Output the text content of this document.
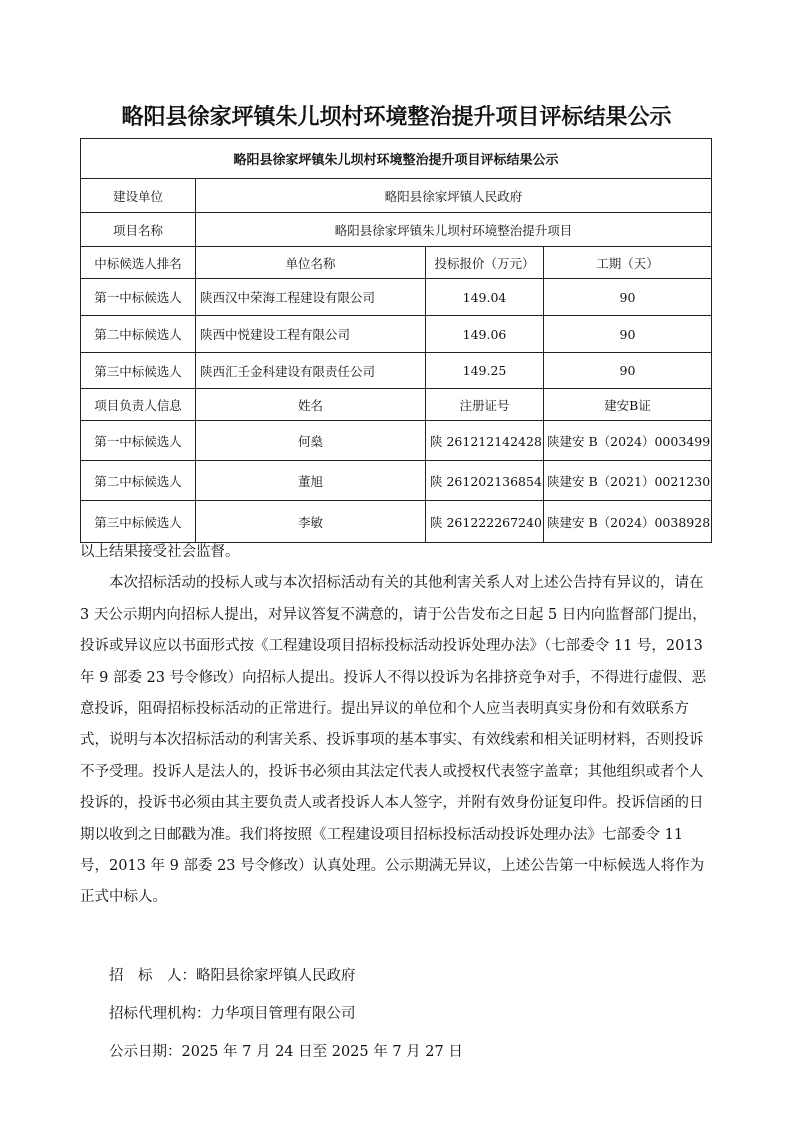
略阳县徐家坪镇朱儿坝村环境整治提升项目评标结果公示
略阳县徐家坪镇朱儿坝村环境整治提升项目评标结果公示			
建设单位	略阳县徐家坪镇人民政府		
项目名称	略阳县徐家坪镇朱儿坝村环境整治提升项目		
中标候选人排名	单位名称	投标报价（万元）	工期（天）
第一中标候选人	陕西汉中荣海工程建设有限公司	149.04	90
第二中标候选人	陕西中悦建设工程有限公司	149.06	90
第三中标候选人	陕西汇壬金科建设有限责任公司	149.25	90
项目负责人信息	姓名	注册证号	建安B证
第一中标候选人	何燊	陕 261212142428	陕建安 B（2024）0003499
第二中标候选人	董旭	陕 261202136854	陕建安 B（2021）0021230
第三中标候选人	李敏	陕 261222267240	陕建安 B（2024）0038928

以上结果接受社会监督。

本次招标活动的投标人或与本次招标活动有关的其他利害关系人对上述公告持有异议的，请在 3 天公示期内向招标人提出，对异议答复不满意的，请于公告发布之日起 5 日内向监督部门提出，投诉或异议应以书面形式按《工程建设项目招标投标活动投诉处理办法》（七部委令 11 号，2013 年 9 部委 23 号令修改）向招标人提出。投诉人不得以投诉为名排挤竞争对手，不得进行虚假、恶意投诉，阻碍招标投标活动的正常进行。提出异议的单位和个人应当表明真实身份和有效联系方式，说明与本次招标活动的利害关系、投诉事项的基本事实、有效线索和相关证明材料，否则投诉不予受理。投诉人是法人的，投诉书必须由其法定代表人或授权代表签字盖章；其他组织或者个人投诉的，投诉书必须由其主要负责人或者投诉人本人签字，并附有效身份证复印件。投诉信函的日期以收到之日邮戳为准。我们将按照《工程建设项目招标投标活动投诉处理办法》七部委令 11 号，2013 年 9 部委 23 号令修改）认真处理。公示期满无异议，上述公告第一中标候选人将作为正式中标人。

招　标　人：略阳县徐家坪镇人民政府
招标代理机构：力华项目管理有限公司
公示日期：2025 年 7 月 24 日至 2025 年 7 月 27 日
